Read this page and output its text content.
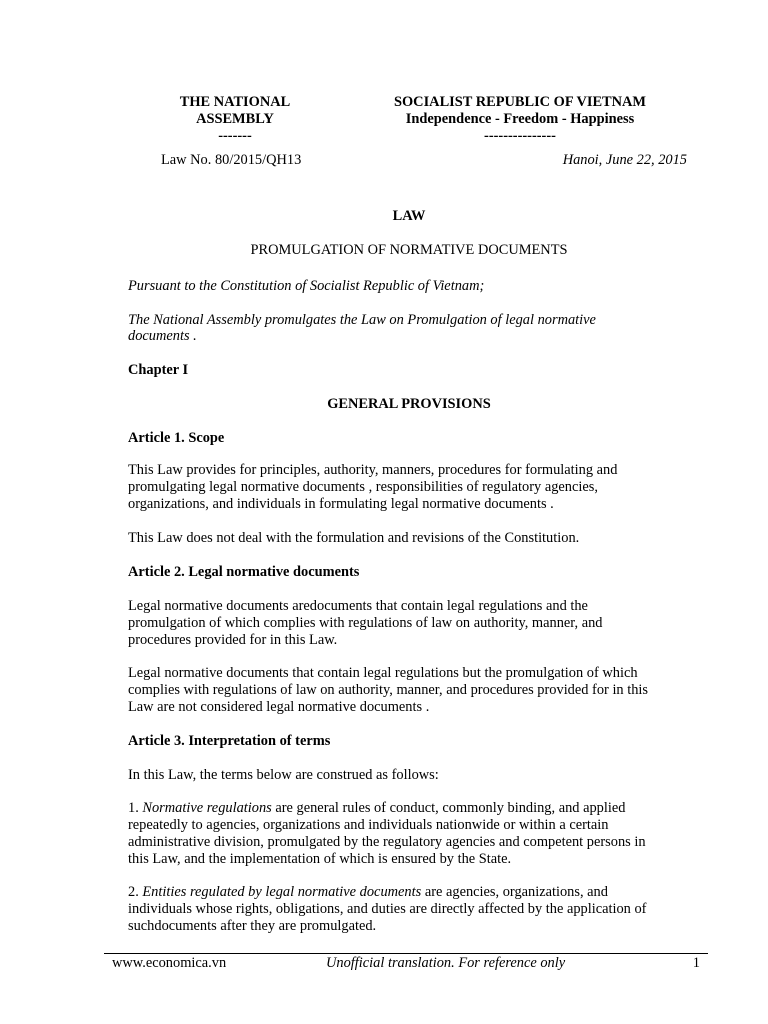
THE NATIONAL

ASSEMBLY

-------

SOCIALIST REPUBLIC OF VIETNAM

Independence - Freedom - Happiness

---------------

Law No. 80/2015/QH13	Hanoi, June 22, 2015

LAW

PROMULGATION OF NORMATIVE DOCUMENTS

Pursuant to the Constitution of Socialist Republic of Vietnam;

The National Assembly promulgates the Law on Promulgation of legal normative

documents .

Chapter I

GENERAL PROVISIONS

Article 1. Scope

This Law provides for principles, authority, manners, procedures for formulating and

promulgating legal normative documents , responsibilities of regulatory agencies,

organizations, and individuals in formulating legal normative documents .

This Law does not deal with the formulation and revisions of the Constitution.

Article 2. Legal normative documents

Legal normative documents aredocuments that contain legal regulations and the

promulgation of which complies with regulations of law on authority, manner, and

procedures provided for in this Law.

Legal normative documents that contain legal regulations but the promulgation of which

complies with regulations of law on authority, manner, and procedures provided for in this

Law are not considered legal normative documents .

Article 3. Interpretation of terms

In this Law, the terms below are construed as follows:

1. Normative regulations are general rules of conduct, commonly binding, and applied

repeatedly to agencies, organizations and individuals nationwide or within a certain

administrative division, promulgated by the regulatory agencies and competent persons in

this Law, and the implementation of which is ensured by the State.

2. Entities regulated by legal normative documents are agencies, organizations, and

individuals whose rights, obligations, and duties are directly affected by the application of

suchdocuments after they are promulgated.

www.economica.vn	Unofficial translation. For reference only	1
